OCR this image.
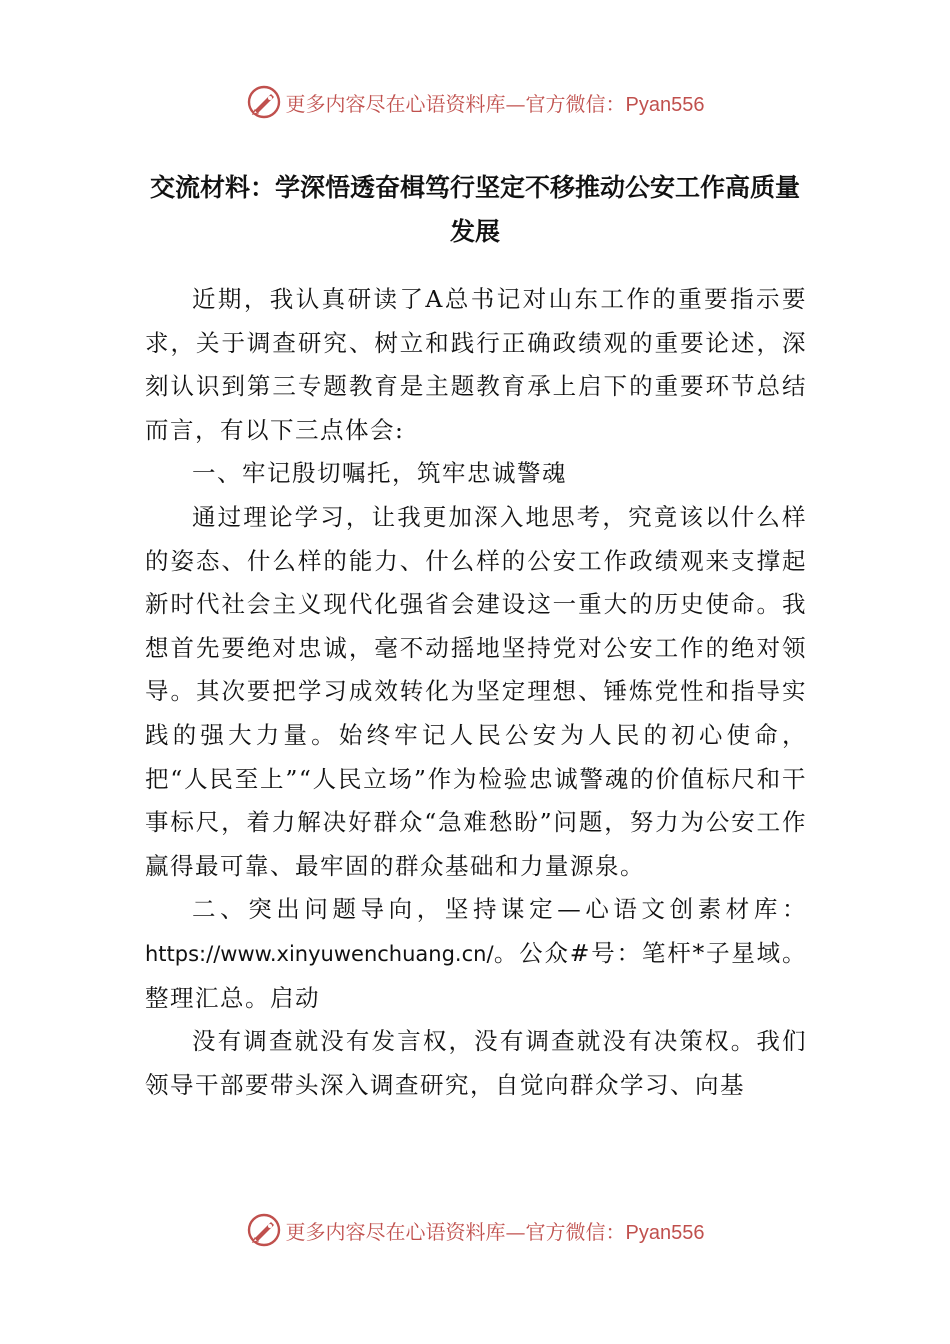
更多内容尽在心语资料库—官方微信：Pyan556
交流材料：学深悟透奋楫笃行坚定不移推动公安工作高质量发展

近期，我认真研读了A总书记对山东工作的重要指示要求，关于调查研究、树立和践行正确政绩观的重要论述，深刻认识到第三专题教育是主题教育承上启下的重要环节总结而言，有以下三点体会:

一、牢记殷切嘱托，筑牢忠诚警魂

通过理论学习，让我更加深入地思考，究竟该以什么样的姿态、什么样的能力、什么样的公安工作政绩观来支撑起新时代社会主义现代化强省会建设这一重大的历史使命。我想首先要绝对忠诚，毫不动摇地坚持党对公安工作的绝对领导。其次要把学习成效转化为坚定理想、锤炼党性和指导实践的强大力量。始终牢记人民公安为人民的初心使命，把“人民至上”“人民立场”作为检验忠诚警魂的价值标尺和干事标尺，着力解决好群众“急难愁盼”问题，努力为公安工作赢得最可靠、最牢固的群众基础和力量源泉。

二、突出问题导向，坚持谋定—心语文创素材库：https://www.xinyuwenchuang.cn/。公众#号：笔杆*子星域。整理汇总。启动

没有调查就没有发言权，没有调查就没有决策权。我们领导干部要带头深入调查研究，自觉向群众学习、向基

更多内容尽在心语资料库—官方微信：Pyan556
